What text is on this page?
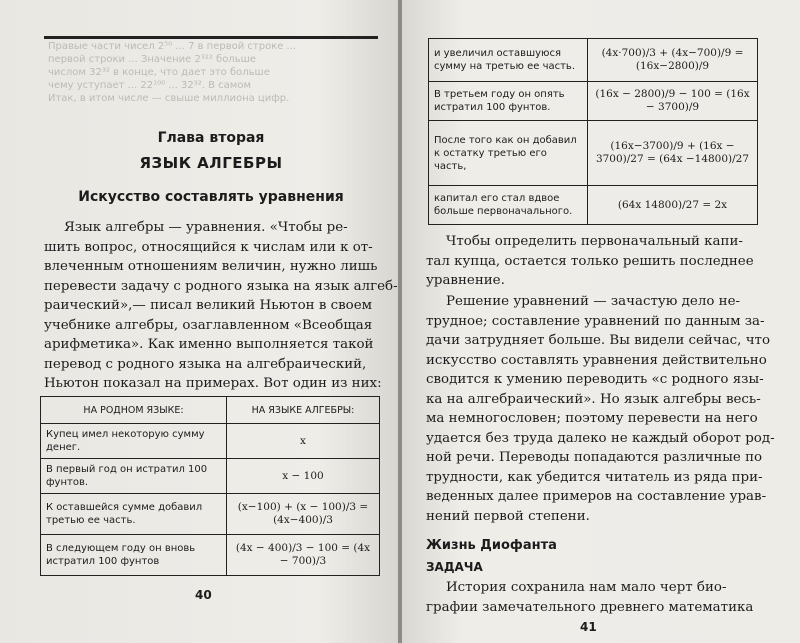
Правые части чисел 2⁵⁰ ... 7 в первой строке ...
первой строки ... Значение 2³²² больше
числом 32³² в конце, что дает это больше
чему уступает ... 22¹⁰⁰ ... 32³². В самом
Итак, в итом числе — свыше миллиона цифр.
Глава вторая
ЯЗЫК АЛГЕБРЫ
Искусство составлять уравнения
Язык алгебры — уравнения. «Чтобы ре-
шить вопрос, относящийся к числам или к от-
влеченным отношениям величин, нужно лишь
перевести задачу с родного языка на язык алгеб-
раический»,— писал великий Ньютон в своем
учебнике алгебры, озаглавленном «Всеобщая
арифметика». Как именно выполняется такой
перевод с родного языка на алгебраический,
Ньютон показал на примерах. Вот один из них:
НА РОДНОМ ЯЗЫКЕ:	НА ЯЗЫКЕ АЛГЕБРЫ:
Купец имел некоторую сумму денег.	x
В первый год он истратил 100 фунтов.	x − 100
К оставшейся сумме добавил третью ее часть.	(x−100) + (x − 100)/3 = (4x−400)/3
В следующем году он вновь истратил 100 фунтов	(4x − 400)/3 − 100 = (4x − 700)/3
40
и увеличил оставшуюся сумму на третью ее часть.	(4x·700)/3 + (4x−700)/9 = (16x−2800)/9
В третьем году он опять истратил 100 фунтов.	(16x − 2800)/9 − 100 = (16x − 3700)/9
После того как он добавил к остатку третью его часть,	(16x−3700)/9 + (16x − 3700)/27 = (64x −14800)/27
капитал его стал вдвое больше первоначального.	(64x 14800)/27 = 2x
Чтобы определить первоначальный капи-
тал купца, остается только решить последнее
уравнение.
Решение уравнений — зачастую дело не-
трудное; составление уравнений по данным за-
дачи затрудняет больше. Вы видели сейчас, что
искусство составлять уравнения действительно
сводится к умению переводить «с родного язы-
ка на алгебраический». Но язык алгебры весь-
ма немногословен; поэтому перевести на него
удается без труда далеко не каждый оборот род-
ной речи. Переводы попадаются различные по
трудности, как убедится читатель из ряда при-
веденных далее примеров на составление урав-
нений первой степени.
Жизнь Диофанта
ЗАДАЧА
История сохранила нам мало черт био-
графии замечательного древнего математика
41
